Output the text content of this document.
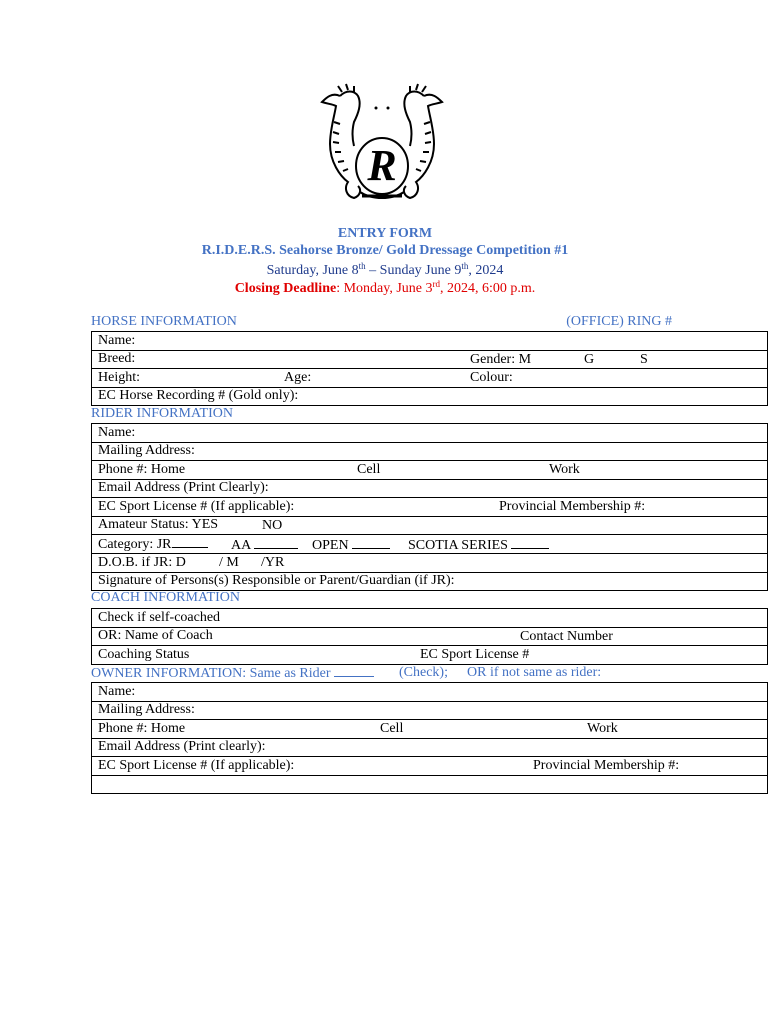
R
ENTRY FORM
R.I.D.E.R.S. Seahorse Bronze/ Gold Dressage Competition #1
Saturday, June 8th – Sunday June 9th, 2024
Closing Deadline: Monday, June 3rd, 2024, 6:00 p.m.
HORSE INFORMATION	(OFFICE) RING #
Name:
Breed:	Gender: M	G	S

Height:	Age:	Colour:

EC Horse Recording # (Gold only):
RIDER INFORMATION
Name:
Mailing Address:
Phone #: Home	Cell	Work

Email Address (Print Clearly):
EC Sport License # (If applicable):	Provincial Membership #:

Amateur Status: YES	NO

Category: JR	AA	OPEN	SCOTIA SERIES

D.O.B. if JR: D / M /YR

Signature of Persons(s) Responsible or Parent/Guardian (if JR):
COACH INFORMATION
Check if self-coached
OR: Name of Coach	Contact Number

Coaching Status	EC Sport License #
OWNER INFORMATION: Same as Rider	(Check); OR if not same as rider:
Name:
Mailing Address:
Phone #: Home	Cell	Work

Email Address (Print clearly):
EC Sport License # (If applicable):	Provincial Membership #:
